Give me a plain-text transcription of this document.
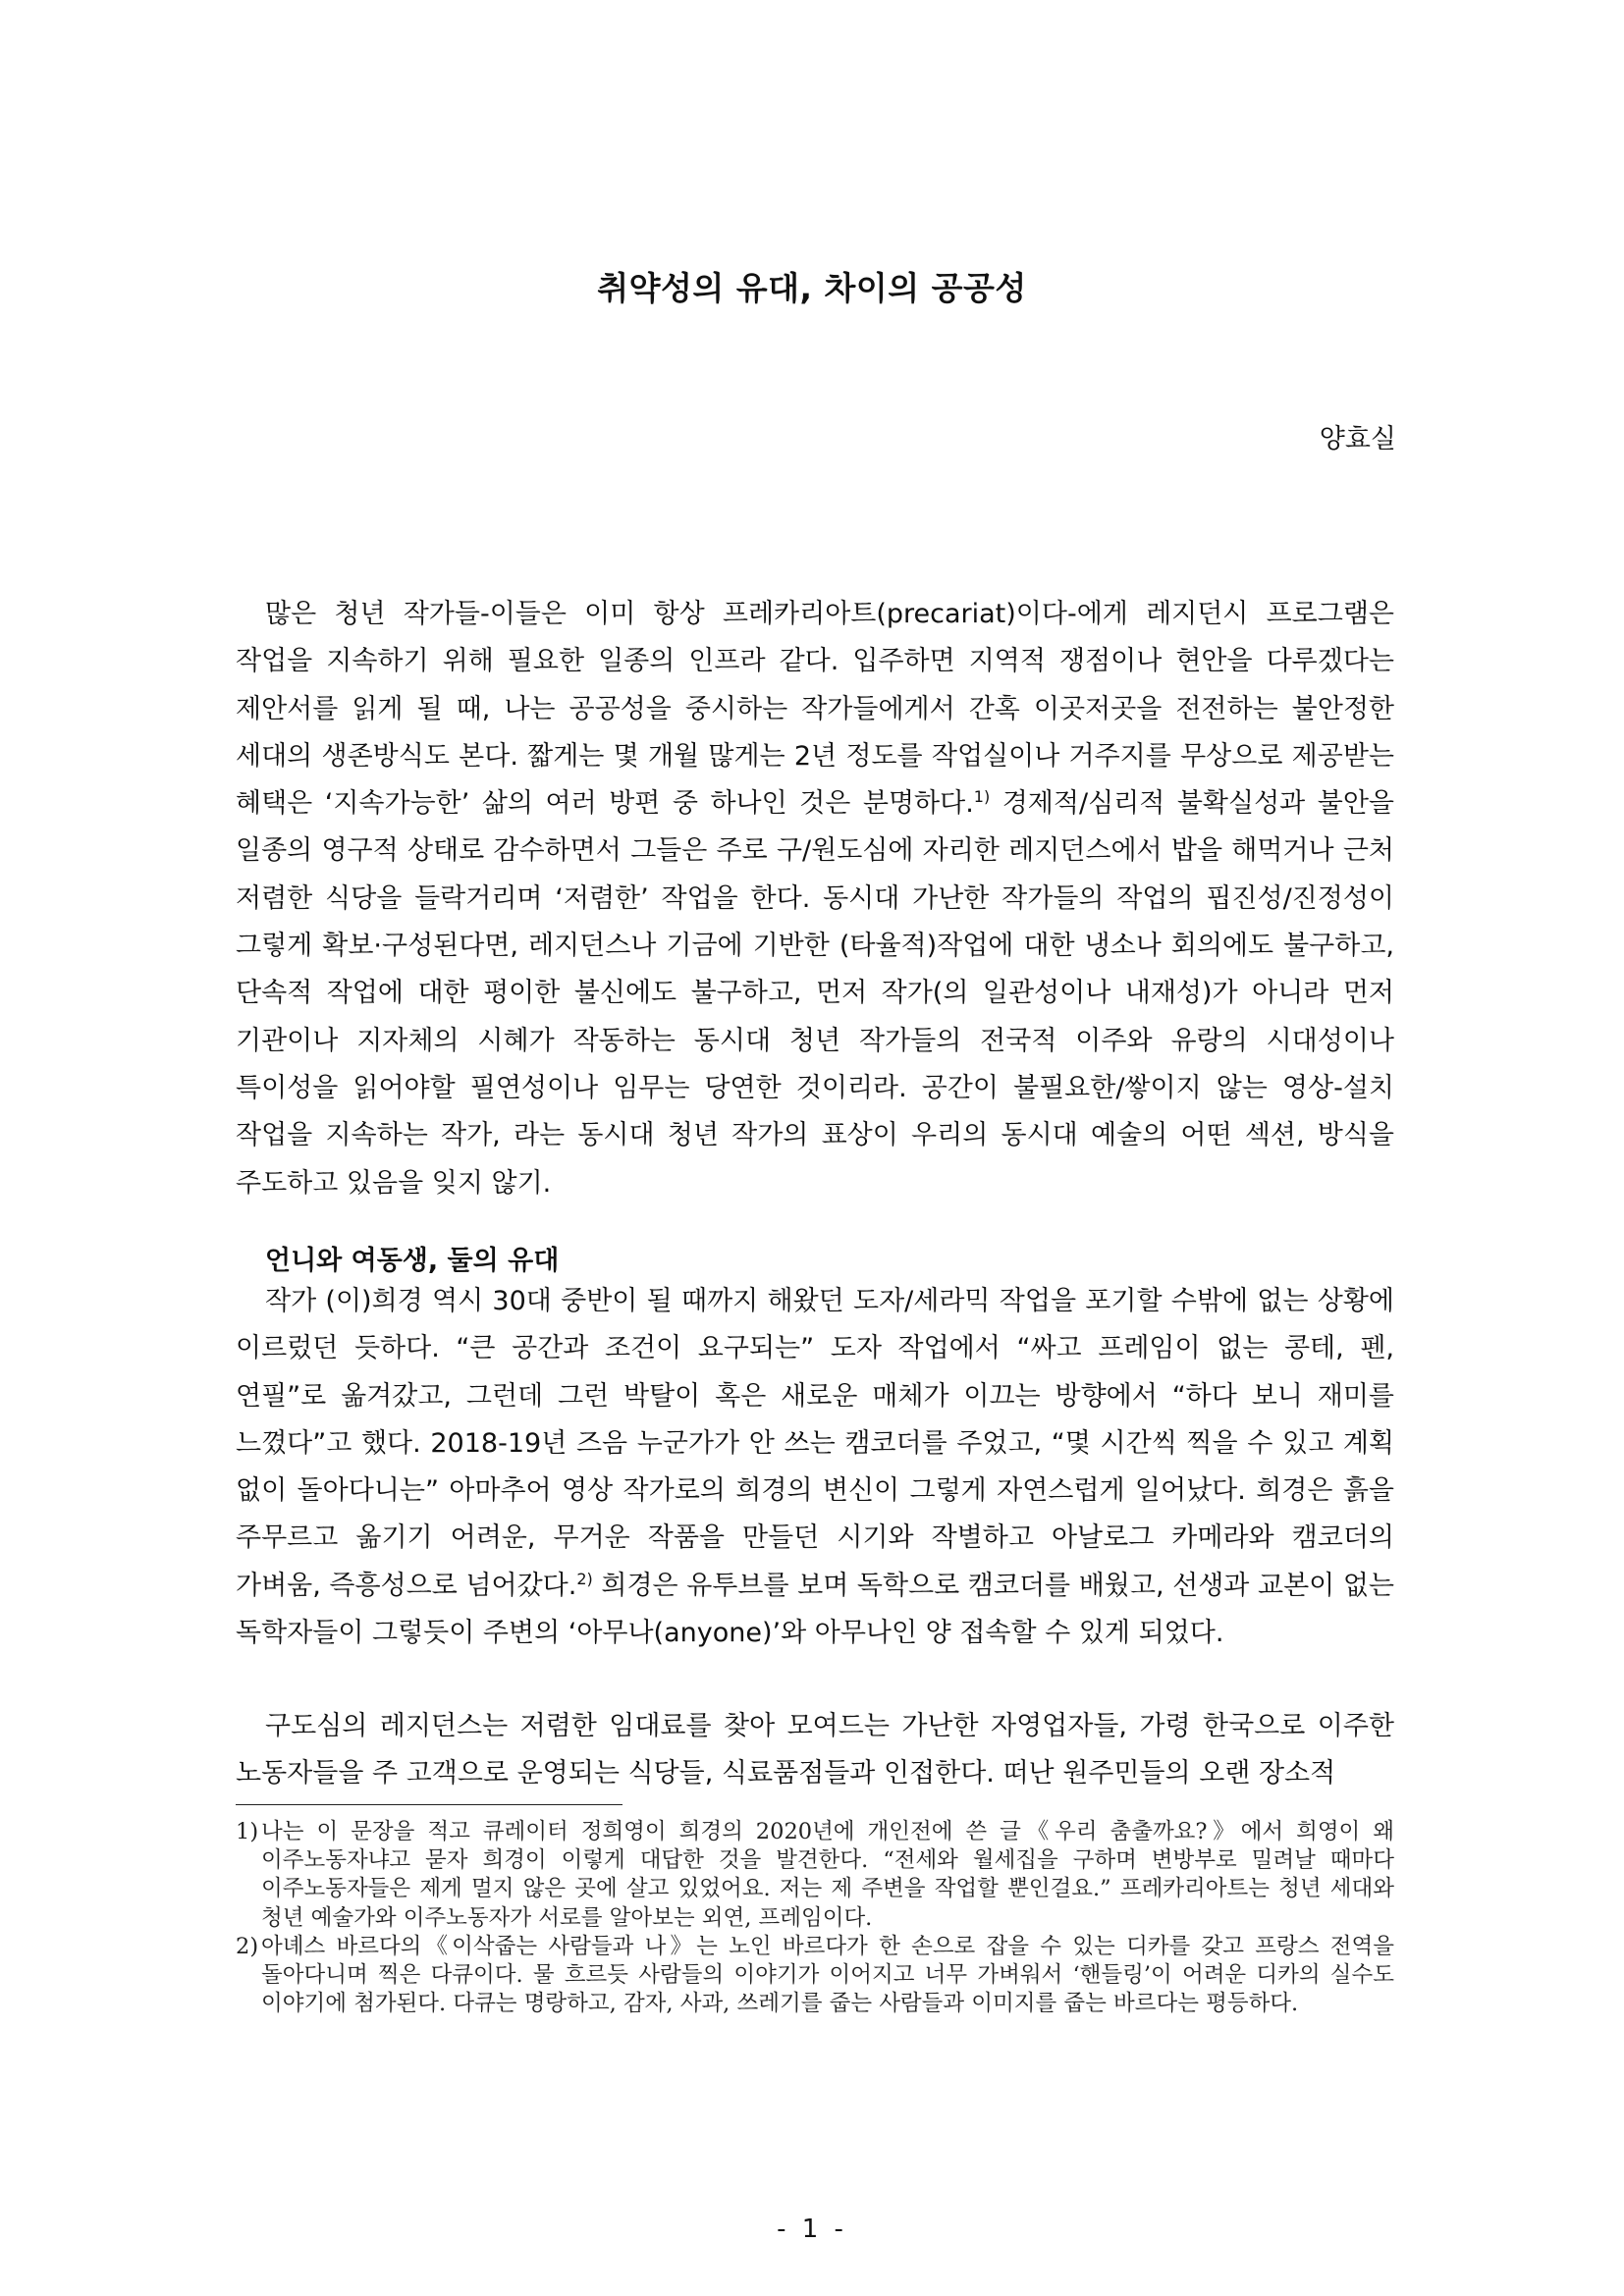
취약성의 유대, 차이의 공공성

양효실

많은 청년 작가들-이들은 이미 항상 프레카리아트(precariat)이다-에게 레지던시 프로그램은 작업을 지속하기 위해 필요한 일종의 인프라 같다. 입주하면 지역적 쟁점이나 현안을 다루겠다는 제안서를 읽게 될 때, 나는 공공성을 중시하는 작가들에게서 간혹 이곳저곳을 전전하는 불안정한 세대의 생존방식도 본다. 짧게는 몇 개월 많게는 2년 정도를 작업실이나 거주지를 무상으로 제공받는 혜택은 ‘지속가능한’ 삶의 여러 방편 중 하나인 것은 분명하다.$^{1)}$ 경제적/심리적 불확실성과 불안을 일종의 영구적 상태로 감수하면서 그들은 주로 구/원도심에 자리한 레지던스에서 밥을 해먹거나 근처 저렴한 식당을 들락거리며 ‘저렴한’ 작업을 한다. 동시대 가난한 작가들의 작업의 핍진성/진정성이 그렇게 확보·구성된다면, 레지던스나 기금에 기반한 (타율적)작업에 대한 냉소나 회의에도 불구하고, 단속적 작업에 대한 평이한 불신에도 불구하고, 먼저 작가(의 일관성이나 내재성)가 아니라 먼저 기관이나 지자체의 시혜가 작동하는 동시대 청년 작가들의 전국적 이주와 유랑의 시대성이나 특이성을 읽어야할 필연성이나 임무는 당연한 것이리라. 공간이 불필요한/쌓이지 않는 영상-설치 작업을 지속하는 작가, 라는 동시대 청년 작가의 표상이 우리의 동시대 예술의 어떤 섹션, 방식을 주도하고 있음을 잊지 않기.

언니와 여동생, 둘의 유대

작가 (이)희경 역시 30대 중반이 될 때까지 해왔던 도자/세라믹 작업을 포기할 수밖에 없는 상황에 이르렀던 듯하다. “큰 공간과 조건이 요구되는” 도자 작업에서 “싸고 프레임이 없는 콩테, 펜, 연필”로 옮겨갔고, 그런데 그런 박탈이 혹은 새로운 매체가 이끄는 방향에서 “하다 보니 재미를 느꼈다”고 했다. 2018-19년 즈음 누군가가 안 쓰는 캠코더를 주었고, “몇 시간씩 찍을 수 있고 계획 없이 돌아다니는” 아마추어 영상 작가로의 희경의 변신이 그렇게 자연스럽게 일어났다. 희경은 흙을 주무르고 옮기기 어려운, 무거운 작품을 만들던 시기와 작별하고 아날로그 카메라와 캠코더의 가벼움, 즉흥성으로 넘어갔다.$^{2)}$ 희경은 유투브를 보며 독학으로 캠코더를 배웠고, 선생과 교본이 없는 독학자들이 그렇듯이 주변의 ‘아무나(anyone)’와 아무나인 양 접속할 수 있게 되었다.

구도심의 레지던스는 저렴한 임대료를 찾아 모여드는 가난한 자영업자들, 가령 한국으로 이주한 노동자들을 주 고객으로 운영되는 식당들, 식료품점들과 인접한다. 떠난 원주민들의 오랜 장소적

1) 나는 이 문장을 적고 큐레이터 정희영이 희경의 2020년에 개인전에 쓴 글《우리 춤출까요?》에서 희영이 왜 이주노동자냐고 묻자 희경이 이렇게 대답한 것을 발견한다. “전세와 월세집을 구하며 변방부로 밀려날 때마다 이주노동자들은 제게 멀지 않은 곳에 살고 있었어요. 저는 제 주변을 작업할 뿐인걸요.” 프레카리아트는 청년 세대와 청년 예술가와 이주노동자가 서로를 알아보는 외연, 프레임이다.
2) 아녜스 바르다의《이삭줍는 사람들과 나》는 노인 바르다가 한 손으로 잡을 수 있는 디카를 갖고 프랑스 전역을 돌아다니며 찍은 다큐이다. 물 흐르듯 사람들의 이야기가 이어지고 너무 가벼워서 ‘핸들링’이 어려운 디카의 실수도 이야기에 첨가된다. 다큐는 명랑하고, 감자, 사과, 쓰레기를 줍는 사람들과 이미지를 줍는 바르다는 평등하다.

- 1 -
